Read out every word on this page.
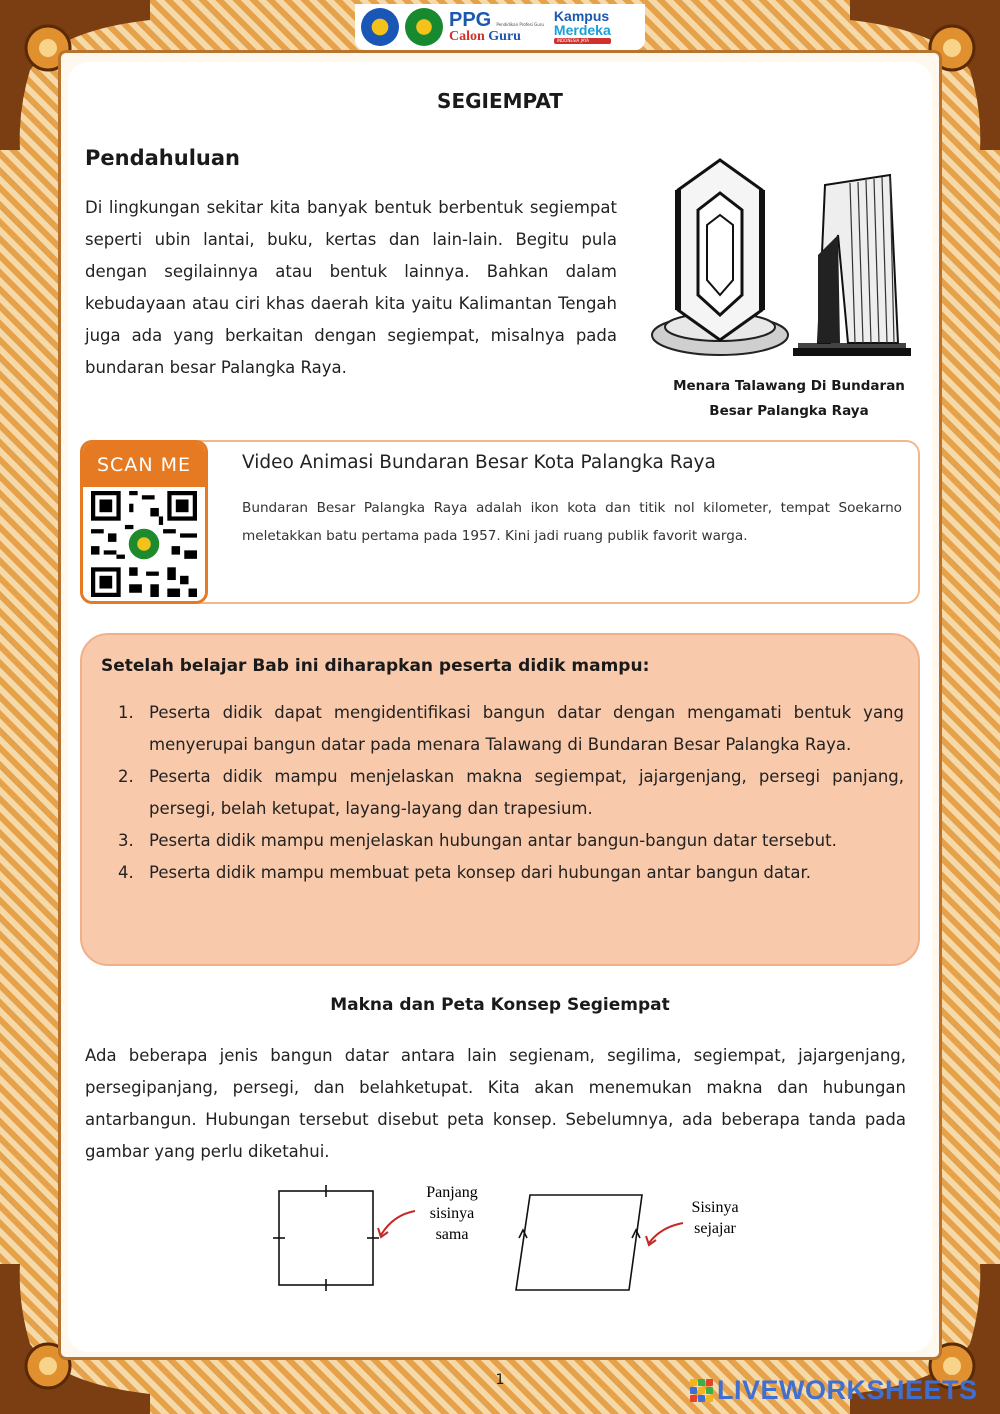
PPG Pendidikan Profesi Guru
Calon Guru
Kampus
Merdeka
INDONESIA JAYA
SEGIEMPAT
Pendahuluan

Di lingkungan sekitar kita banyak bentuk berbentuk segiempat seperti ubin lantai, buku, kertas dan lain-lain. Begitu pula dengan segilainnya atau bentuk lainnya. Bahkan dalam kebudayaan atau ciri khas daerah kita yaitu Kalimantan Tengah juga ada yang berkaitan dengan segiempat, misalnya pada bundaran besar Palangka Raya.

Menara Talawang Di Bundaran
Besar Palangka Raya
SCAN ME	Video Animasi Bundaran Besar Kota Palangka Raya

Bundaran Besar Palangka Raya adalah ikon kota dan titik nol kilometer, tempat Soekarno meletakkan batu pertama pada 1957. Kini jadi ruang publik favorit warga.

Setelah belajar Bab ini diharapkan peserta didik mampu:
1. Peserta didik dapat mengidentifikasi bangun datar dengan mengamati bentuk yang menyerupai bangun datar pada menara Talawang di Bundaran Besar Palangka Raya.
2. Peserta didik mampu menjelaskan makna segiempat, jajargenjang, persegi panjang, persegi, belah ketupat, layang-layang dan trapesium.
3. Peserta didik mampu menjelaskan hubungan antar bangun-bangun datar tersebut.
4. Peserta didik mampu membuat peta konsep dari hubungan antar bangun datar.
Makna dan Peta Konsep Segiempat

Ada beberapa jenis bangun datar antara lain segienam, segilima, segiempat, jajargenjang, persegipanjang, persegi, dan belahketupat. Kita akan menemukan makna dan hubungan antarbangun. Hubungan tersebut disebut peta konsep. Sebelumnya, ada beberapa tanda pada gambar yang perlu diketahui.

Panjang
sisinya
sama
Sisinya
sejajar
1	LIVEWORKSHEETS
